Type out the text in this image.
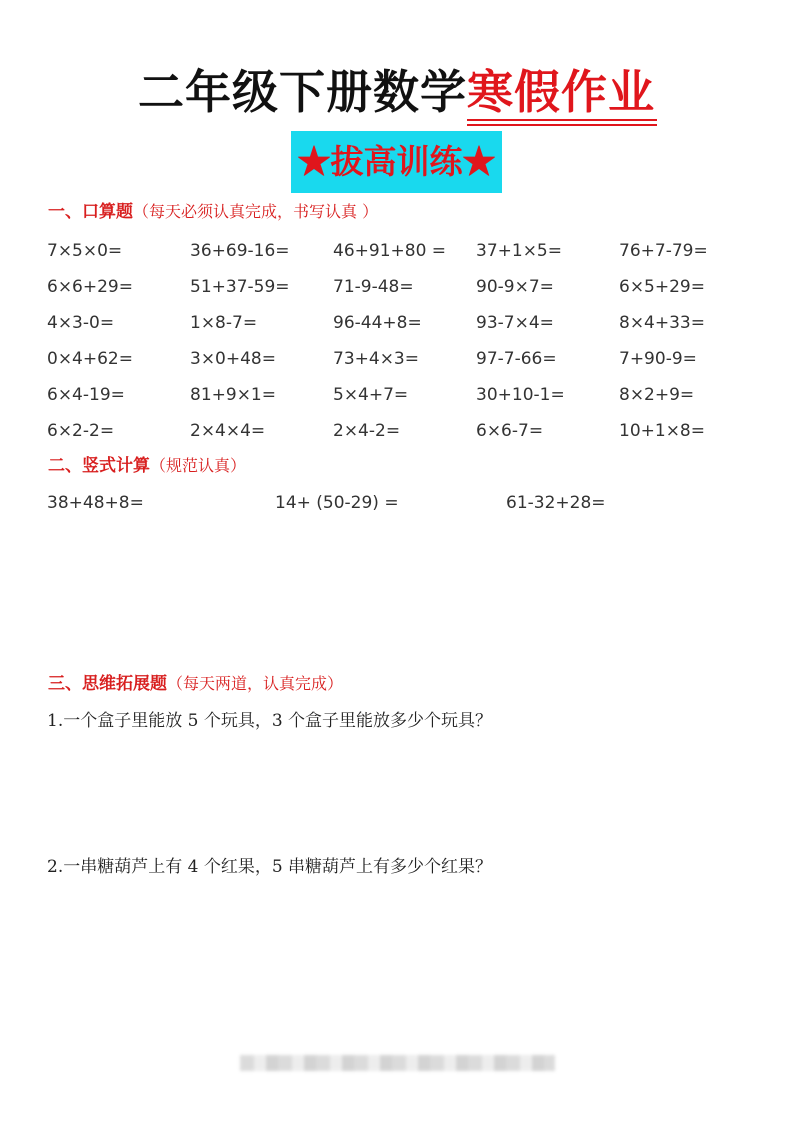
二年级下册数学寒假作业
★拔高训练★
一、口算题（每天必须认真完成，书写认真 ）
7×5×0=	36+69-16=	46+91+80 =	37+1×5=	76+7-79=
6×6+29=	51+37-59=	71-9-48=	90-9×7=	6×5+29=
4×3-0=	1×8-7=	96-44+8=	93-7×4=	8×4+33=
0×4+62=	3×0+48=	73+4×3=	97-7-66=	7+90-9=
6×4-19=	81+9×1=	5×4+7=	30+10-1=	8×2+9=
6×2-2=	2×4×4=	2×4-2=	6×6-7=	10+1×8=
二、竖式计算（规范认真）
38+48+8=	14+ (50-29) =	61-32+28=
三、思维拓展题（每天两道，认真完成）
1.一个盒子里能放 5 个玩具，3 个盒子里能放多少个玩具？
2.一串糖葫芦上有 4 个红果，5 串糖葫芦上有多少个红果？
